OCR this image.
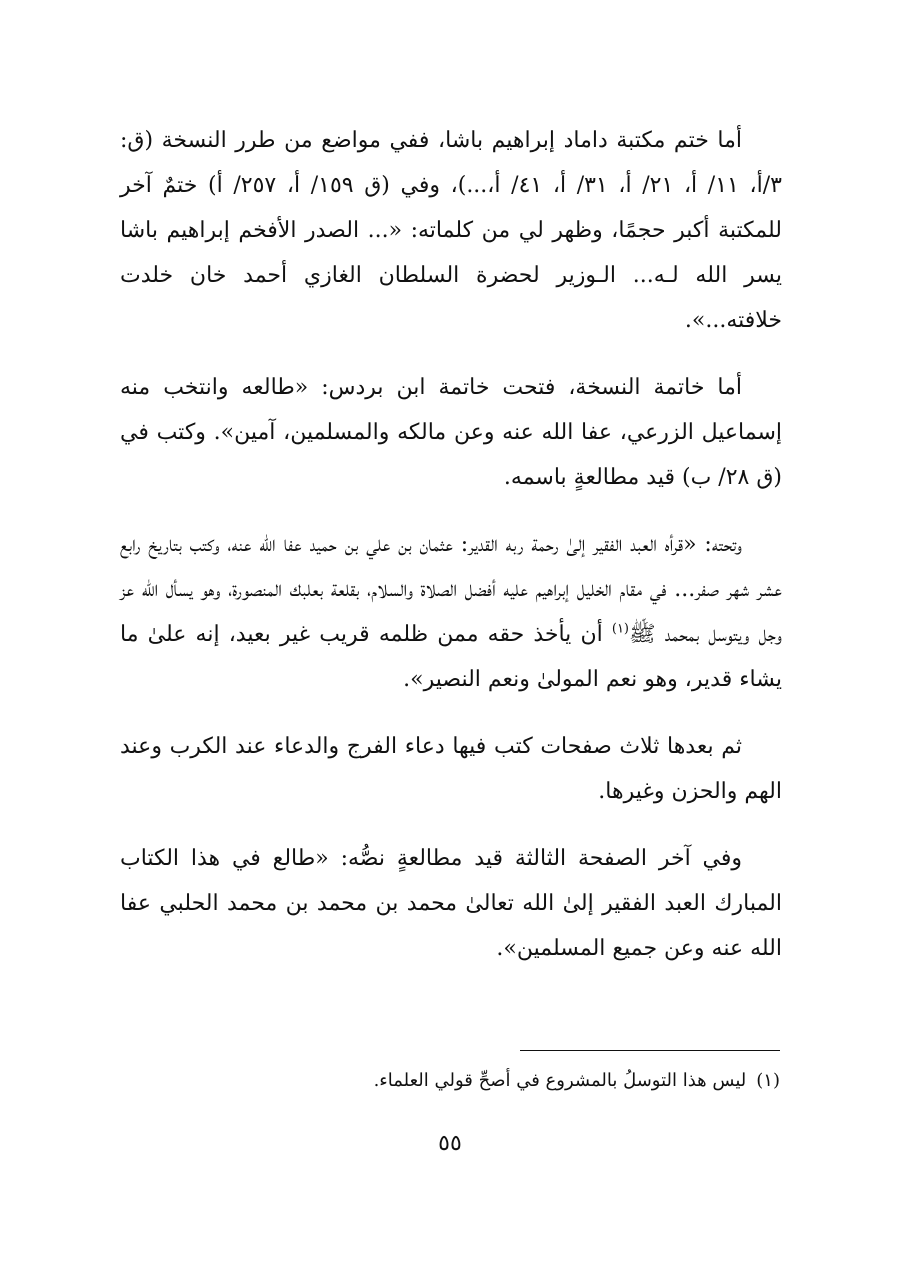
أما ختم مكتبة داماد إبراهيم باشا، ففي مواضع من طرر النسخة (ق: ٣/أ، ١١/ أ، ٢١/ أ، ٣١/ أ، ٤١/ أ،...)، وفي (ق ١٥٩/ أ، ٢٥٧/ أ) ختمٌ آخر للمكتبة أكبر حجمًا، وظهر لي من كلماته: «... الصدر الأفخم إبراهيم باشا يسر الله لـه... الـوزير لحضرة السلطان الغازي أحمد خان خلدت خلافته...».

أما خاتمة النسخة، فتحت خاتمة ابن بردس: «طالعه وانتخب منه إسماعيل الزرعي، عفا الله عنه وعن مالكه والمسلمين، آمين». وكتب في (ق ٢٨/ ب) قيد مطالعةٍ باسمه.

وتحته: «قرأه العبد الفقير إلىٰ رحمة ربه القدير: عثمان بن علي بن حميد عفا الله عنه، وكتب بتاريخ رابع عشر شهر صفر... في مقام الخليل إبراهيم عليه أفضل الصلاة والسلام، بقلعة بعلبك المنصورة، وهو يسأل الله عز وجل ويتوسل بمحمد ﷺ$^{(١)}$ أن يأخذ حقه ممن ظلمه قريب غير بعيد، إنه علىٰ ما يشاء قدير، وهو نعم المولىٰ ونعم النصير».

ثم بعدها ثلاث صفحات كتب فيها دعاء الفرج والدعاء عند الكرب وعند الهم والحزن وغيرها.

وفي آخر الصفحة الثالثة قيد مطالعةٍ نصُّه: «طالع في هذا الكتاب المبارك العبد الفقير إلىٰ الله تعالىٰ محمد بن محمد بن محمد الحلبي عفا الله عنه وعن جميع المسلمين».

(١)ليس هذا التوسلُ بالمشروع في أصحِّ قولي العلماء.
٥٥
